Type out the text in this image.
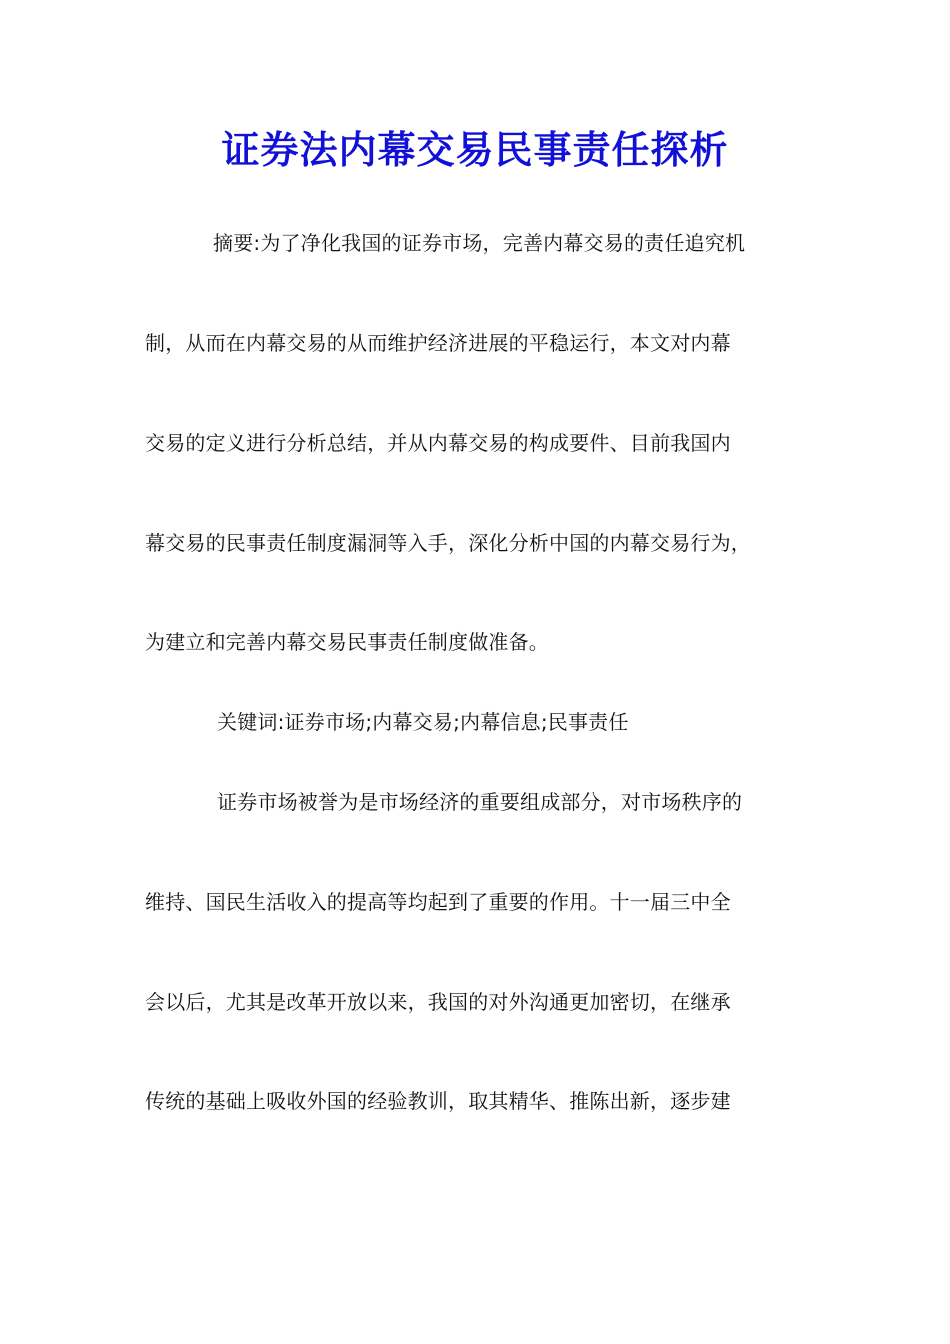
证券法内幕交易民事责任探析
摘要:为了净化我国的证券市场，完善内幕交易的责任追究机
制，从而在内幕交易的从而维护经济进展的平稳运行，本文对内幕
交易的定义进行分析总结，并从内幕交易的构成要件、目前我国内
幕交易的民事责任制度漏洞等入手，深化分析中国的内幕交易行为，
为建立和完善内幕交易民事责任制度做准备。
关键词:证券市场;内幕交易;内幕信息;民事责任
证券市场被誉为是市场经济的重要组成部分，对市场秩序的
维持、国民生活收入的提高等均起到了重要的作用。十一届三中全
会以后，尤其是改革开放以来，我国的对外沟通更加密切，在继承
传统的基础上吸收外国的经验教训，取其精华、推陈出新，逐步建
